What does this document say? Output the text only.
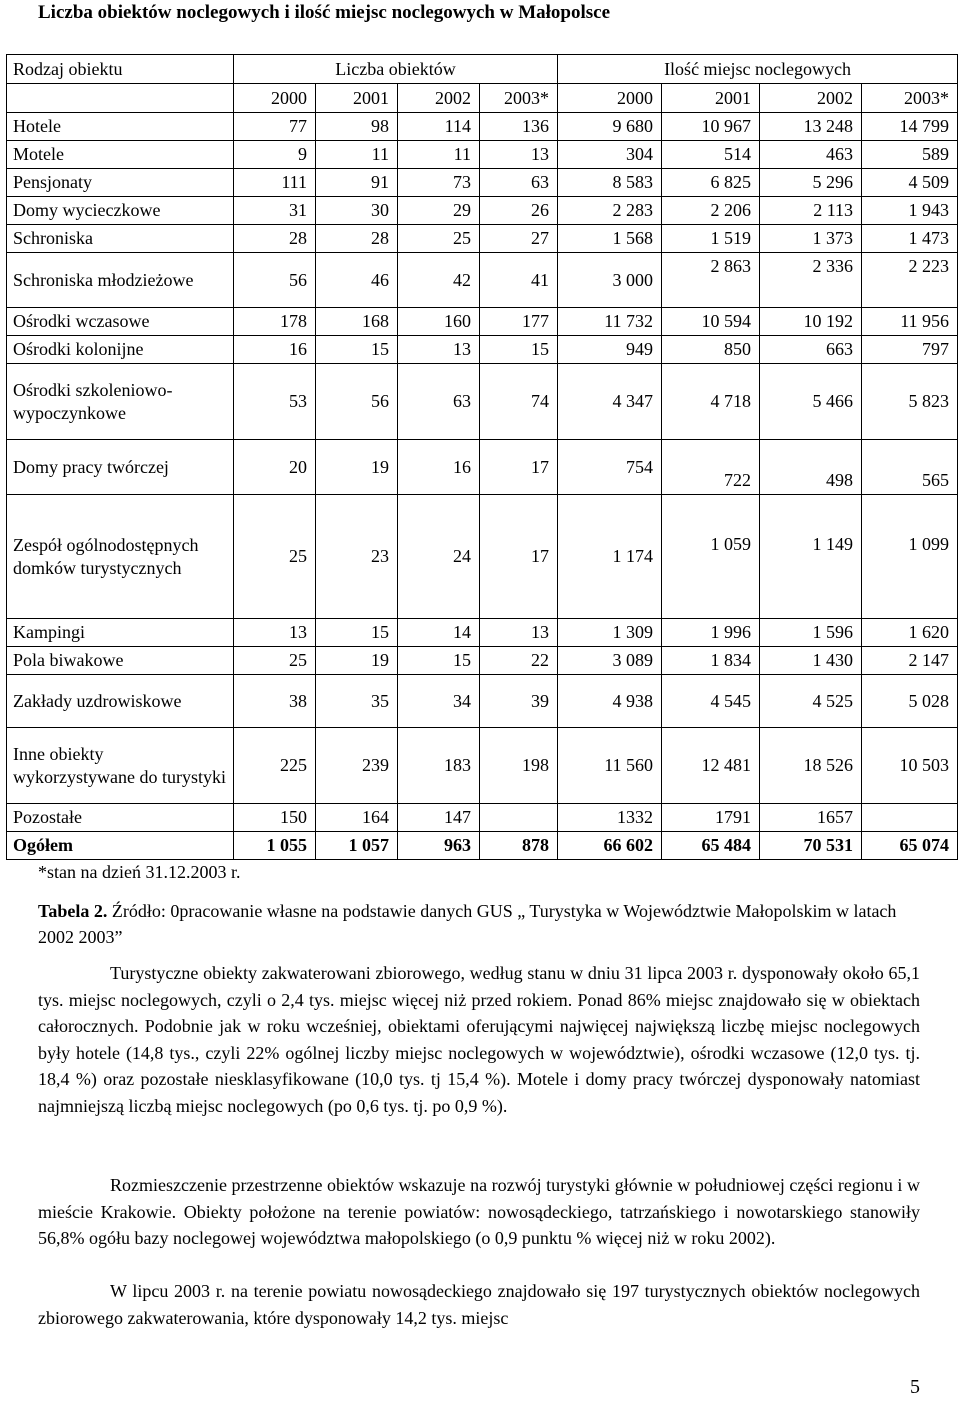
Liczba obiektów noclegowych i ilość miejsc noclegowych w Małopolsce
Rodzaj obiektu	Liczba obiektów				Ilość miejsc noclegowych			
	2000	2001	2002	2003*	2000	2001	2002	2003*
Hotele	77	98	114	136	9 680	10 967	13 248	14 799
Motele	9	11	11	13	304	514	463	589
Pensjonaty	111	91	73	63	8 583	6 825	5 296	4 509
Domy wycieczkowe	31	30	29	26	2 283	2 206	2 113	1 943
Schroniska	28	28	25	27	1 568	1 519	1 373	1 473
Schroniska młodzieżowe	56	46	42	41	3 000	2 863	2 336	2 223
Ośrodki wczasowe	178	168	160	177	11 732	10 594	10 192	11 956
Ośrodki kolonijne	16	15	13	15	949	850	663	797
Ośrodki szkoleniowo-wypoczynkowe	53	56	63	74	4 347	4 718	5 466	5 823
Domy pracy twórczej	20	19	16	17	754	722	498	565
Zespół ogólnodostępnych domków turystycznych	25	23	24	17	1 174	1 059	1 149	1 099
Kampingi	13	15	14	13	1 309	1 996	1 596	1 620
Pola biwakowe	25	19	15	22	3 089	1 834	1 430	2 147
Zakłady uzdrowiskowe	38	35	34	39	4 938	4 545	4 525	5 028
Inne obiekty wykorzystywane do turystyki	225	239	183	198	11 560	12 481	18 526	10 503
Pozostałe	150	164	147		1332	1791	1657	
Ogółem	1 055	1 057	963	878	66 602	65 484	70 531	65 074
*stan na dzień 31.12.2003 r.
Tabela 2. Źródło: 0pracowanie własne na podstawie danych GUS „ Turystyka w Województwie Małopolskim w latach 2002 2003”

Turystyczne obiekty zakwaterowani zbiorowego, według stanu w dniu 31 lipca 2003 r. dysponowały około 65,1 tys. miejsc noclegowych, czyli o 2,4 tys. miejsc więcej niż przed rokiem. Ponad 86% miejsc znajdowało się w obiektach całorocznych. Podobnie jak w roku wcześniej, obiektami oferującymi najwięcej największą liczbę miejsc noclegowych były hotele (14,8 tys., czyli 22% ogólnej liczby miejsc noclegowych w województwie), ośrodki wczasowe (12,0 tys. tj. 18,4 %) oraz pozostałe niesklasyfikowane (10,0 tys. tj 15,4 %). Motele i domy pracy twórczej dysponowały natomiast najmniejszą liczbą miejsc noclegowych (po 0,6 tys. tj. po 0,9 %).

Rozmieszczenie przestrzenne obiektów wskazuje na rozwój turystyki głównie w południowej części regionu i w mieście Krakowie. Obiekty położone na terenie powiatów: nowosądeckiego, tatrzańskiego i nowotarskiego stanowiły 56,8% ogółu bazy noclegowej województwa małopolskiego (o 0,9 punktu % więcej niż w roku 2002).

W lipcu 2003 r. na terenie powiatu nowosądeckiego znajdowało się 197 turystycznych obiektów noclegowych zbiorowego zakwaterowania, które dysponowały 14,2 tys. miejsc

5
